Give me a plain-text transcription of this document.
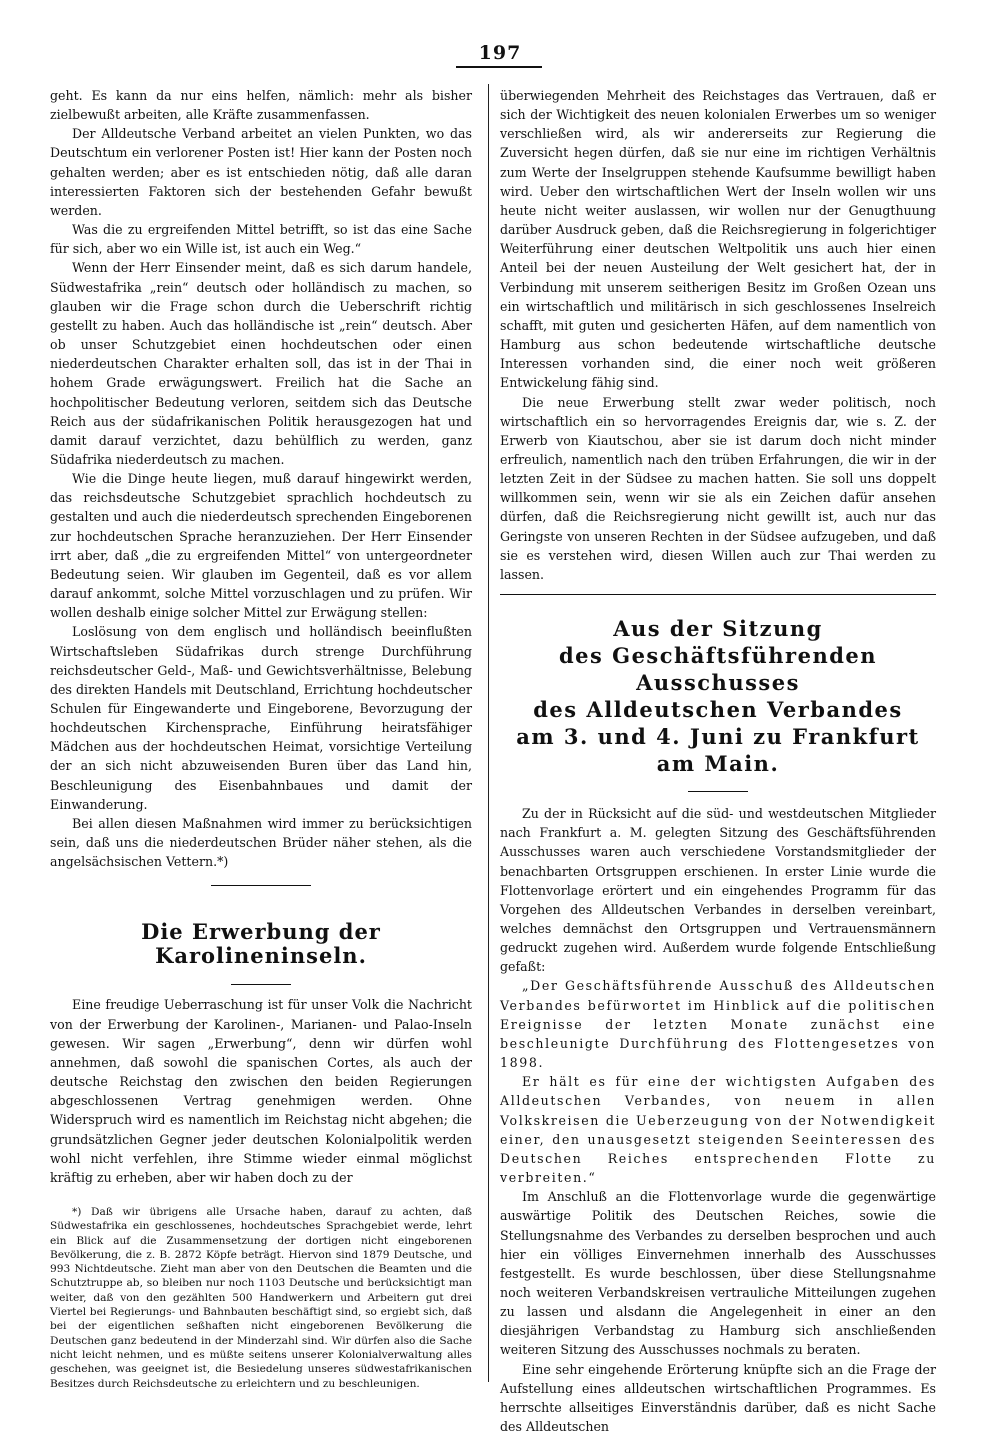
197

geht. Es kann da nur eins helfen, nämlich: mehr als bisher zielbewußt arbeiten, alle Kräfte zusammenfassen.

Der Alldeutsche Verband arbeitet an vielen Punkten, wo das Deutschtum ein verlorener Posten ist! Hier kann der Posten noch gehalten werden; aber es ist entschieden nötig, daß alle daran interessierten Faktoren sich der bestehenden Gefahr bewußt werden.

Was die zu ergreifenden Mittel betrifft, so ist das eine Sache für sich, aber wo ein Wille ist, ist auch ein Weg.“

Wenn der Herr Einsender meint, daß es sich darum handele, Südwestafrika „rein“ deutsch oder holländisch zu machen, so glauben wir die Frage schon durch die Ueberschrift richtig gestellt zu haben. Auch das holländische ist „rein“ deutsch. Aber ob unser Schutzgebiet einen hochdeutschen oder einen niederdeutschen Charakter erhalten soll, das ist in der Thai in hohem Grade erwägungswert. Freilich hat die Sache an hochpolitischer Bedeutung verloren, seitdem sich das Deutsche Reich aus der südafrikanischen Politik herausgezogen hat und damit darauf verzichtet, dazu behülflich zu werden, ganz Südafrika niederdeutsch zu machen.

Wie die Dinge heute liegen, muß darauf hingewirkt werden, das reichsdeutsche Schutzgebiet sprachlich hochdeutsch zu gestalten und auch die niederdeutsch sprechenden Eingeborenen zur hochdeutschen Sprache heranzuziehen. Der Herr Einsender irrt aber, daß „die zu ergreifenden Mittel“ von untergeordneter Bedeutung seien. Wir glauben im Gegenteil, daß es vor allem darauf ankommt, solche Mittel vorzuschlagen und zu prüfen. Wir wollen deshalb einige solcher Mittel zur Erwägung stellen:

Loslösung von dem englisch und holländisch beeinflußten Wirtschaftsleben Südafrikas durch strenge Durchführung reichsdeutscher Geld-, Maß- und Gewichtsverhältnisse, Belebung des direkten Handels mit Deutschland, Errichtung hochdeutscher Schulen für Eingewanderte und Eingeborene, Bevorzugung der hochdeutschen Kirchensprache, Einführung heiratsfähiger Mädchen aus der hochdeutschen Heimat, vorsichtige Verteilung der an sich nicht abzuweisenden Buren über das Land hin, Beschleunigung des Eisenbahnbaues und damit der Einwanderung.

Bei allen diesen Maßnahmen wird immer zu berücksichtigen sein, daß uns die niederdeutschen Brüder näher stehen, als die angelsächsischen Vettern.*)

Die Erwerbung der Karolineninseln.

Eine freudige Ueberraschung ist für unser Volk die Nachricht von der Erwerbung der Karolinen-, Marianen- und Palao-Inseln gewesen. Wir sagen „Erwerbung“, denn wir dürfen wohl annehmen, daß sowohl die spanischen Cortes, als auch der deutsche Reichstag den zwischen den beiden Regierungen abgeschlossenen Vertrag genehmigen werden. Ohne Widerspruch wird es namentlich im Reichstag nicht abgehen; die grundsätzlichen Gegner jeder deutschen Kolonialpolitik werden wohl nicht verfehlen, ihre Stimme wieder einmal möglichst kräftig zu erheben, aber wir haben doch zu der

*) Daß wir übrigens alle Ursache haben, darauf zu achten, daß Südwestafrika ein geschlossenes, hochdeutsches Sprachgebiet werde, lehrt ein Blick auf die Zusammensetzung der dortigen nicht eingeborenen Bevölkerung, die z. B. 2872 Köpfe beträgt. Hiervon sind 1879 Deutsche, und 993 Nichtdeutsche. Zieht man aber von den Deutschen die Beamten und die Schutztruppe ab, so bleiben nur noch 1103 Deutsche und berücksichtigt man weiter, daß von den gezählten 500 Handwerkern und Arbeitern gut drei Viertel bei Regierungs- und Bahnbauten beschäftigt sind, so ergiebt sich, daß bei der eigentlichen seßhaften nicht eingeborenen Bevölkerung die Deutschen ganz bedeutend in der Minderzahl sind. Wir dürfen also die Sache nicht leicht nehmen, und es müßte seitens unserer Kolonialverwaltung alles geschehen, was geeignet ist, die Besiedelung unseres südwestafrikanischen Besitzes durch Reichsdeutsche zu erleichtern und zu beschleunigen.

überwiegenden Mehrheit des Reichstages das Vertrauen, daß er sich der Wichtigkeit des neuen kolonialen Erwerbes um so weniger verschließen wird, als wir andererseits zur Regierung die Zuversicht hegen dürfen, daß sie nur eine im richtigen Verhältnis zum Werte der Inselgruppen stehende Kaufsumme bewilligt haben wird. Ueber den wirtschaftlichen Wert der Inseln wollen wir uns heute nicht weiter auslassen, wir wollen nur der Genugthuung darüber Ausdruck geben, daß die Reichsregierung in folgerichtiger Weiterführung einer deutschen Weltpolitik uns auch hier einen Anteil bei der neuen Austeilung der Welt gesichert hat, der in Verbindung mit unserem seitherigen Besitz im Großen Ozean uns ein wirtschaftlich und militärisch in sich geschlossenes Inselreich schafft, mit guten und gesicherten Häfen, auf dem namentlich von Hamburg aus schon bedeutende wirtschaftliche deutsche Interessen vorhanden sind, die einer noch weit größeren Entwickelung fähig sind.

Die neue Erwerbung stellt zwar weder politisch, noch wirtschaftlich ein so hervorragendes Ereignis dar, wie s. Z. der Erwerb von Kiautschou, aber sie ist darum doch nicht minder erfreulich, namentlich nach den trüben Erfahrungen, die wir in der letzten Zeit in der Südsee zu machen hatten. Sie soll uns doppelt willkommen sein, wenn wir sie als ein Zeichen dafür ansehen dürfen, daß die Reichsregierung nicht gewillt ist, auch nur das Geringste von unseren Rechten in der Südsee aufzugeben, und daß sie es verstehen wird, diesen Willen auch zur Thai werden zu lassen.

Aus der Sitzung
des Geschäftsführenden Ausschusses
des Alldeutschen Verbandes
am 3. und 4. Juni zu Frankfurt am Main.

Zu der in Rücksicht auf die süd- und westdeutschen Mitglieder nach Frankfurt a. M. gelegten Sitzung des Geschäftsführenden Ausschusses waren auch verschiedene Vorstandsmitglieder der benachbarten Ortsgruppen erschienen. In erster Linie wurde die Flottenvorlage erörtert und ein eingehendes Programm für das Vorgehen des Alldeutschen Verbandes in derselben vereinbart, welches demnächst den Ortsgruppen und Vertrauensmännern gedruckt zugehen wird. Außerdem wurde folgende Entschließung gefaßt:

„Der Geschäftsführende Ausschuß des Alldeutschen Verbandes befürwortet im Hinblick auf die politischen Ereignisse der letzten Monate zunächst eine beschleunigte Durchführung des Flottengesetzes von 1898.

Er hält es für eine der wichtigsten Aufgaben des Alldeutschen Verbandes, von neuem in allen Volkskreisen die Ueberzeugung von der Notwendigkeit einer, den unausgesetzt steigenden Seeinteressen des Deutschen Reiches entsprechenden Flotte zu verbreiten.“

Im Anschluß an die Flottenvorlage wurde die gegenwärtige auswärtige Politik des Deutschen Reiches, sowie die Stellungsnahme des Verbandes zu derselben besprochen und auch hier ein völliges Einvernehmen innerhalb des Ausschusses festgestellt. Es wurde beschlossen, über diese Stellungsnahme noch weiteren Verbandskreisen vertrauliche Mitteilungen zugehen zu lassen und alsdann die Angelegenheit in einer an den diesjährigen Verbandstag zu Hamburg sich anschließenden weiteren Sitzung des Ausschusses nochmals zu beraten.

Eine sehr eingehende Erörterung knüpfte sich an die Frage der Aufstellung eines alldeutschen wirtschaftlichen Programmes. Es herrschte allseitiges Einverständnis darüber, daß es nicht Sache des Alldeutschen
